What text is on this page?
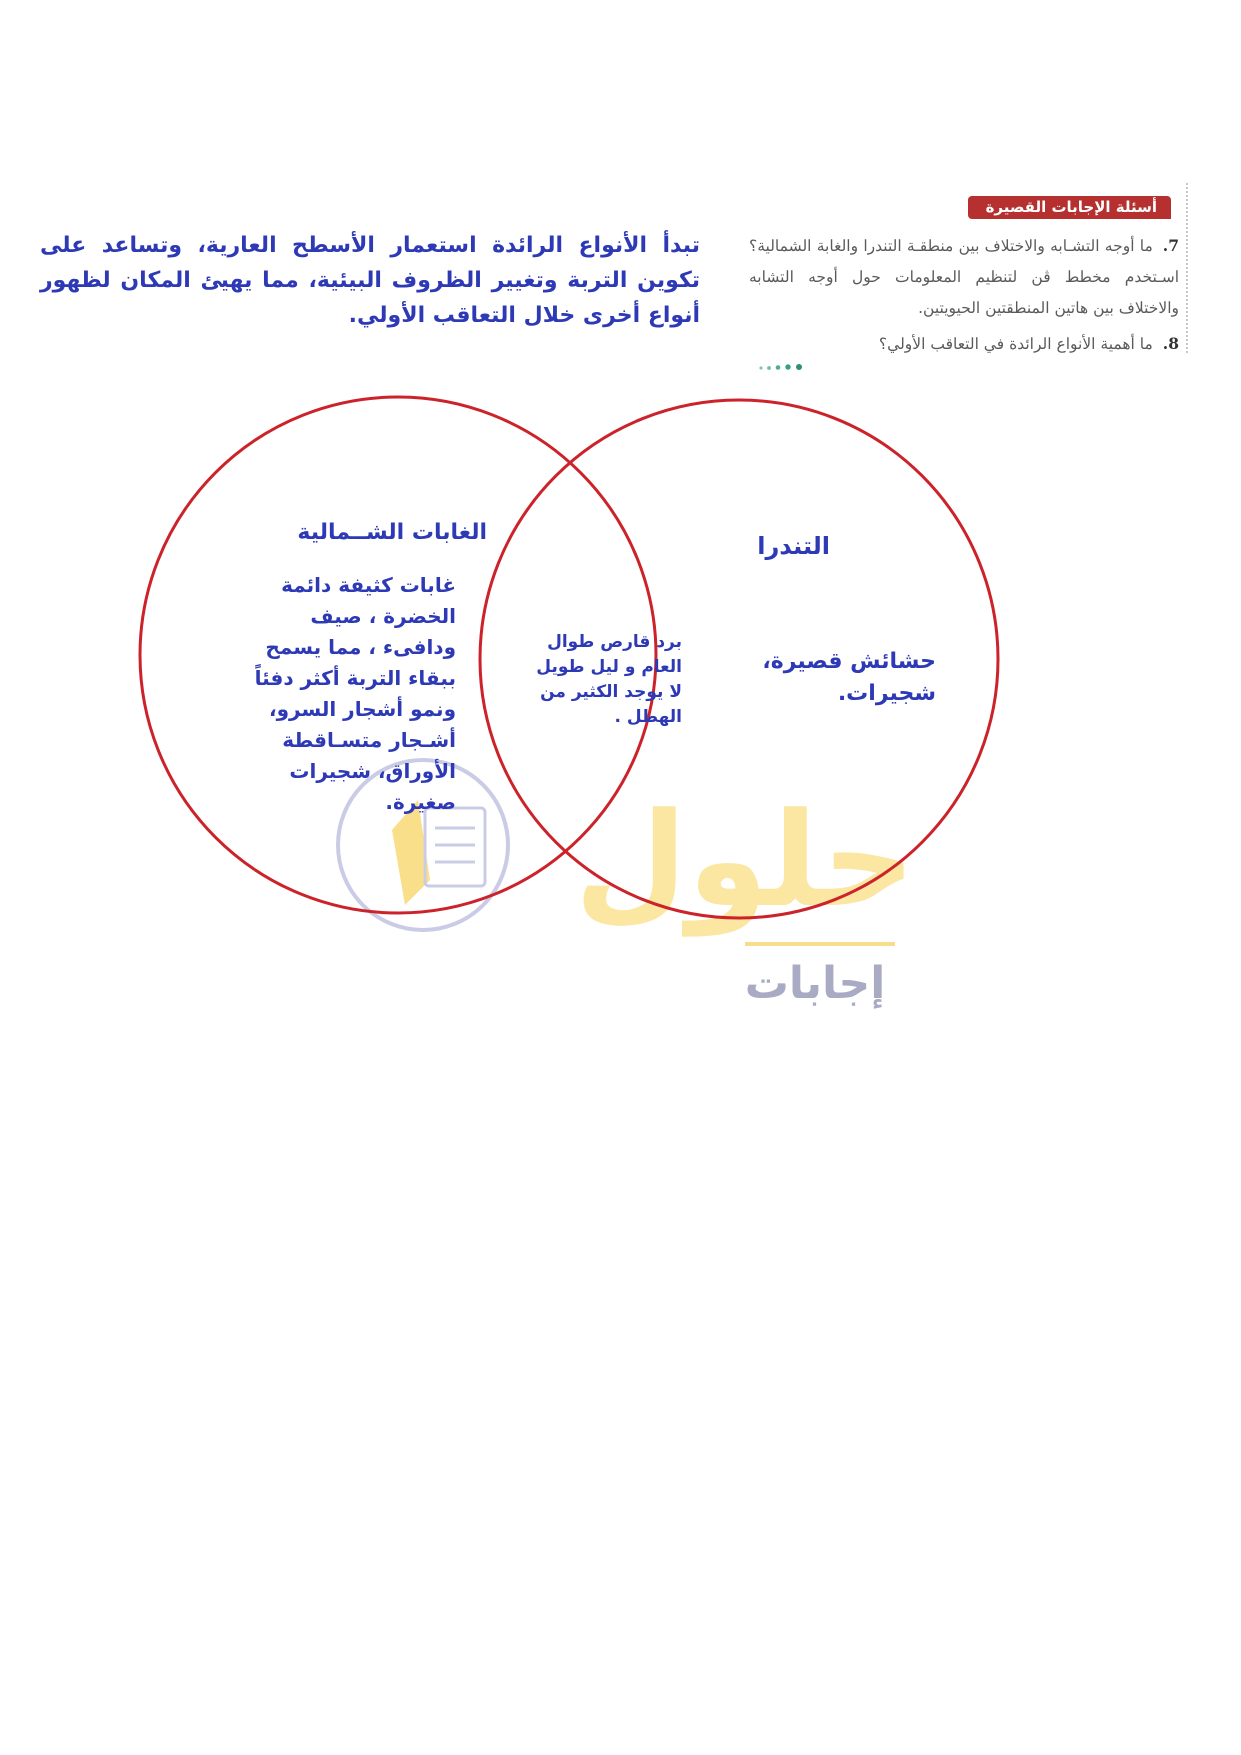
أسئلة الإجابات القصيرة
7.ما أوجه التشـابه والاختلاف بين منطقـة التندرا والغابة الشمالية؟ اسـتخدم مخطط ڤن لتنظيم المعلومات حول أوجه التشابه والاختلاف بين هاتين المنطقتين الحيويتين.
8.ما أهمية الأنواع الرائدة في التعاقب الأولي؟
تبدأ الأنواع الرائدة استعمار الأسطح العارية، وتساعد على تكوين التربة وتغيير الظروف البيئية، مما يهيئ المكان لظهور أنواع أخرى خلال التعاقب الأولي.
حلول
إجابات
الغابات الشــمالية
غابات كثيفة دائمة الخضرة ، صيف ودافىء ، مما يسمح ببقاء التربة أكثر دفئاً ونمو أشجار السرو، أشـجار متسـاقطة الأوراق، شجيرات صغيرة.
برد قارص طوال العام و ليل طويل لا يوجد الكثير من الهطل .
التندرا
حشائش قصيرة، شجيرات.
